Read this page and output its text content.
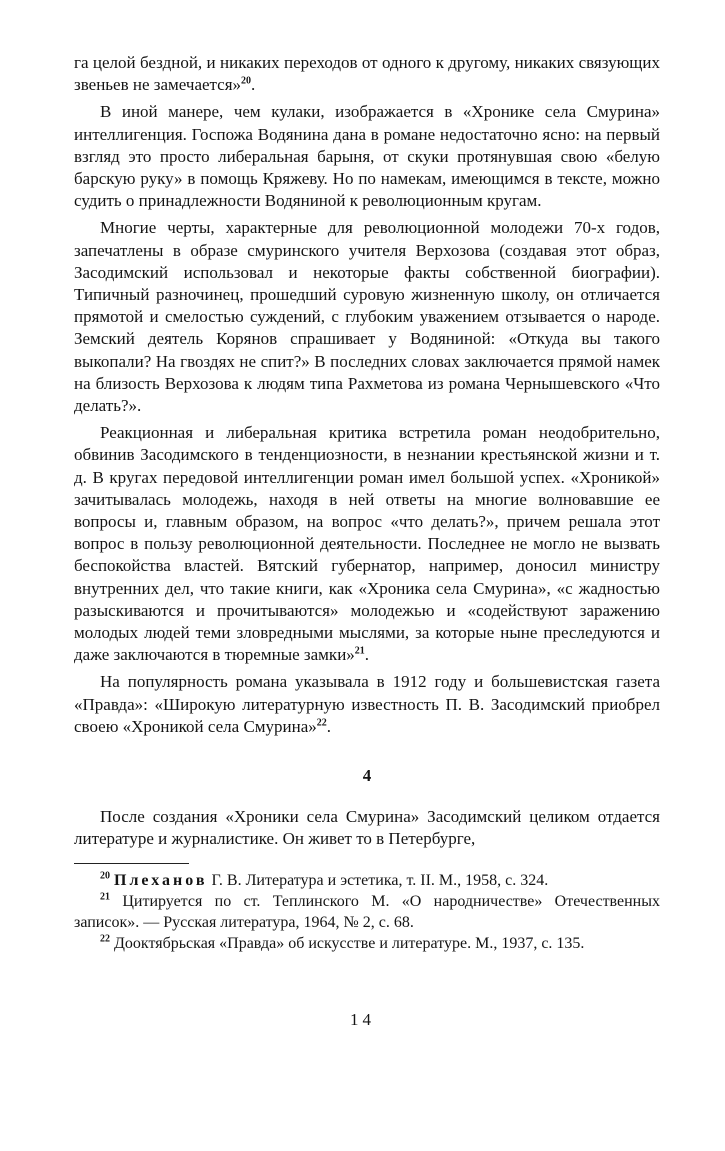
га целой бездной, и никаких переходов от одного к другому, никаких связующих звеньев не замечается»$^{20}$.

В иной манере, чем кулаки, изображается в «Хронике села Смурина» интеллигенция. Госпожа Водянинa дана в романе недостаточно ясно: на первый взгляд это просто либеральная барыня, от скуки протянувшая свою «белую барскую руку» в помощь Кряжеву. Но по намекам, имеющимся в тексте, можно судить о принадлежности Водяниной к революционным кругам.

Многие черты, характерные для революционной молодежи 70-х годов, запечатлены в образе смуринского учителя Верхозова (создавая этот образ, Засодимский использовал и некоторые факты собственной биографии). Типичный разночинец, прошедший суровую жизненную школу, он отличается прямотой и смелостью суждений, с глубоким уважением отзывается о народе. Земский деятель Корянов спрашивает у Водяниной: «Откуда вы такого выкопали? На гвоздях не спит?» В последних словах заключается прямой намек на близость Верхозова к людям типа Рахметова из романа Чернышевского «Что делать?».

Реакционная и либеральная критика встретила роман неодобрительно, обвинив Засодимского в тенденциозности, в незнании крестьянской жизни и т. д. В кругах передовой интеллигенции роман имел большой успех. «Хроникой» зачитывалась молодежь, находя в ней ответы на многие волновавшие ее вопросы и, главным образом, на вопрос «что делать?», причем решала этот вопрос в пользу революционной деятельности. Последнее не могло не вызвать беспокойства властей. Вятский губернатор, например, доносил министру внутренних дел, что такие книги, как «Хроника села Смурина», «с жадностью разыскиваются и прочитываются» молодежью и «содействуют заражению молодых людей теми зловредными мыслями, за которые ныне преследуются и даже заключаются в тюремные замки»$^{21}$.

На популярность романа указывала в 1912 году и большевистская газета «Правда»: «Широкую литературную известность П. В. Засодимский приобрел своею «Хроникой села Смурина»$^{22}$.

4

После создания «Хроники села Смурина» Засодимский целиком отдается литературе и журналистике. Он живет то в Петербурге,

$^{20}$ Плеханов Г. В. Литература и эстетика, т. II. М., 1958, с. 324.

$^{21}$ Цитируется по ст. Теплинского М. «О народничестве» Отечественных записок». — Русская литература, 1964, № 2, с. 68.

$^{22}$ Дооктябрьская «Правда» об искусстве и литературе. М., 1937, с. 135.

14
